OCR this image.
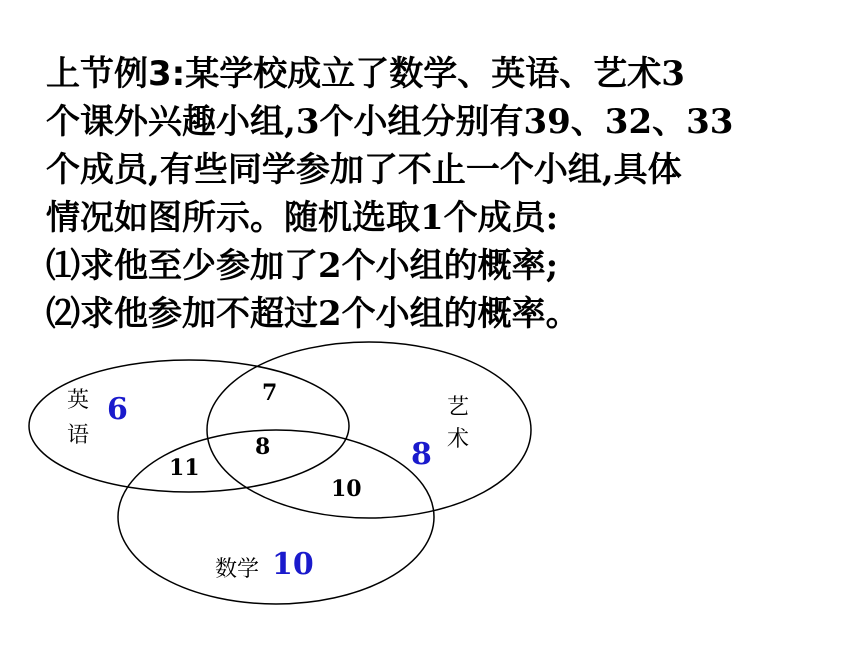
上节例3:某学校成立了数学、英语、艺术3

个课外兴趣小组,3个小组分别有39、32、33

个成员,有些同学参加了不止一个小组,具体

情况如图所示。随机选取1个成员:

⑴求他至少参加了2个小组的概率;

⑵求他参加不超过2个小组的概率。

英
语
6	7
8
11
10
艺
术
8
数学 10
